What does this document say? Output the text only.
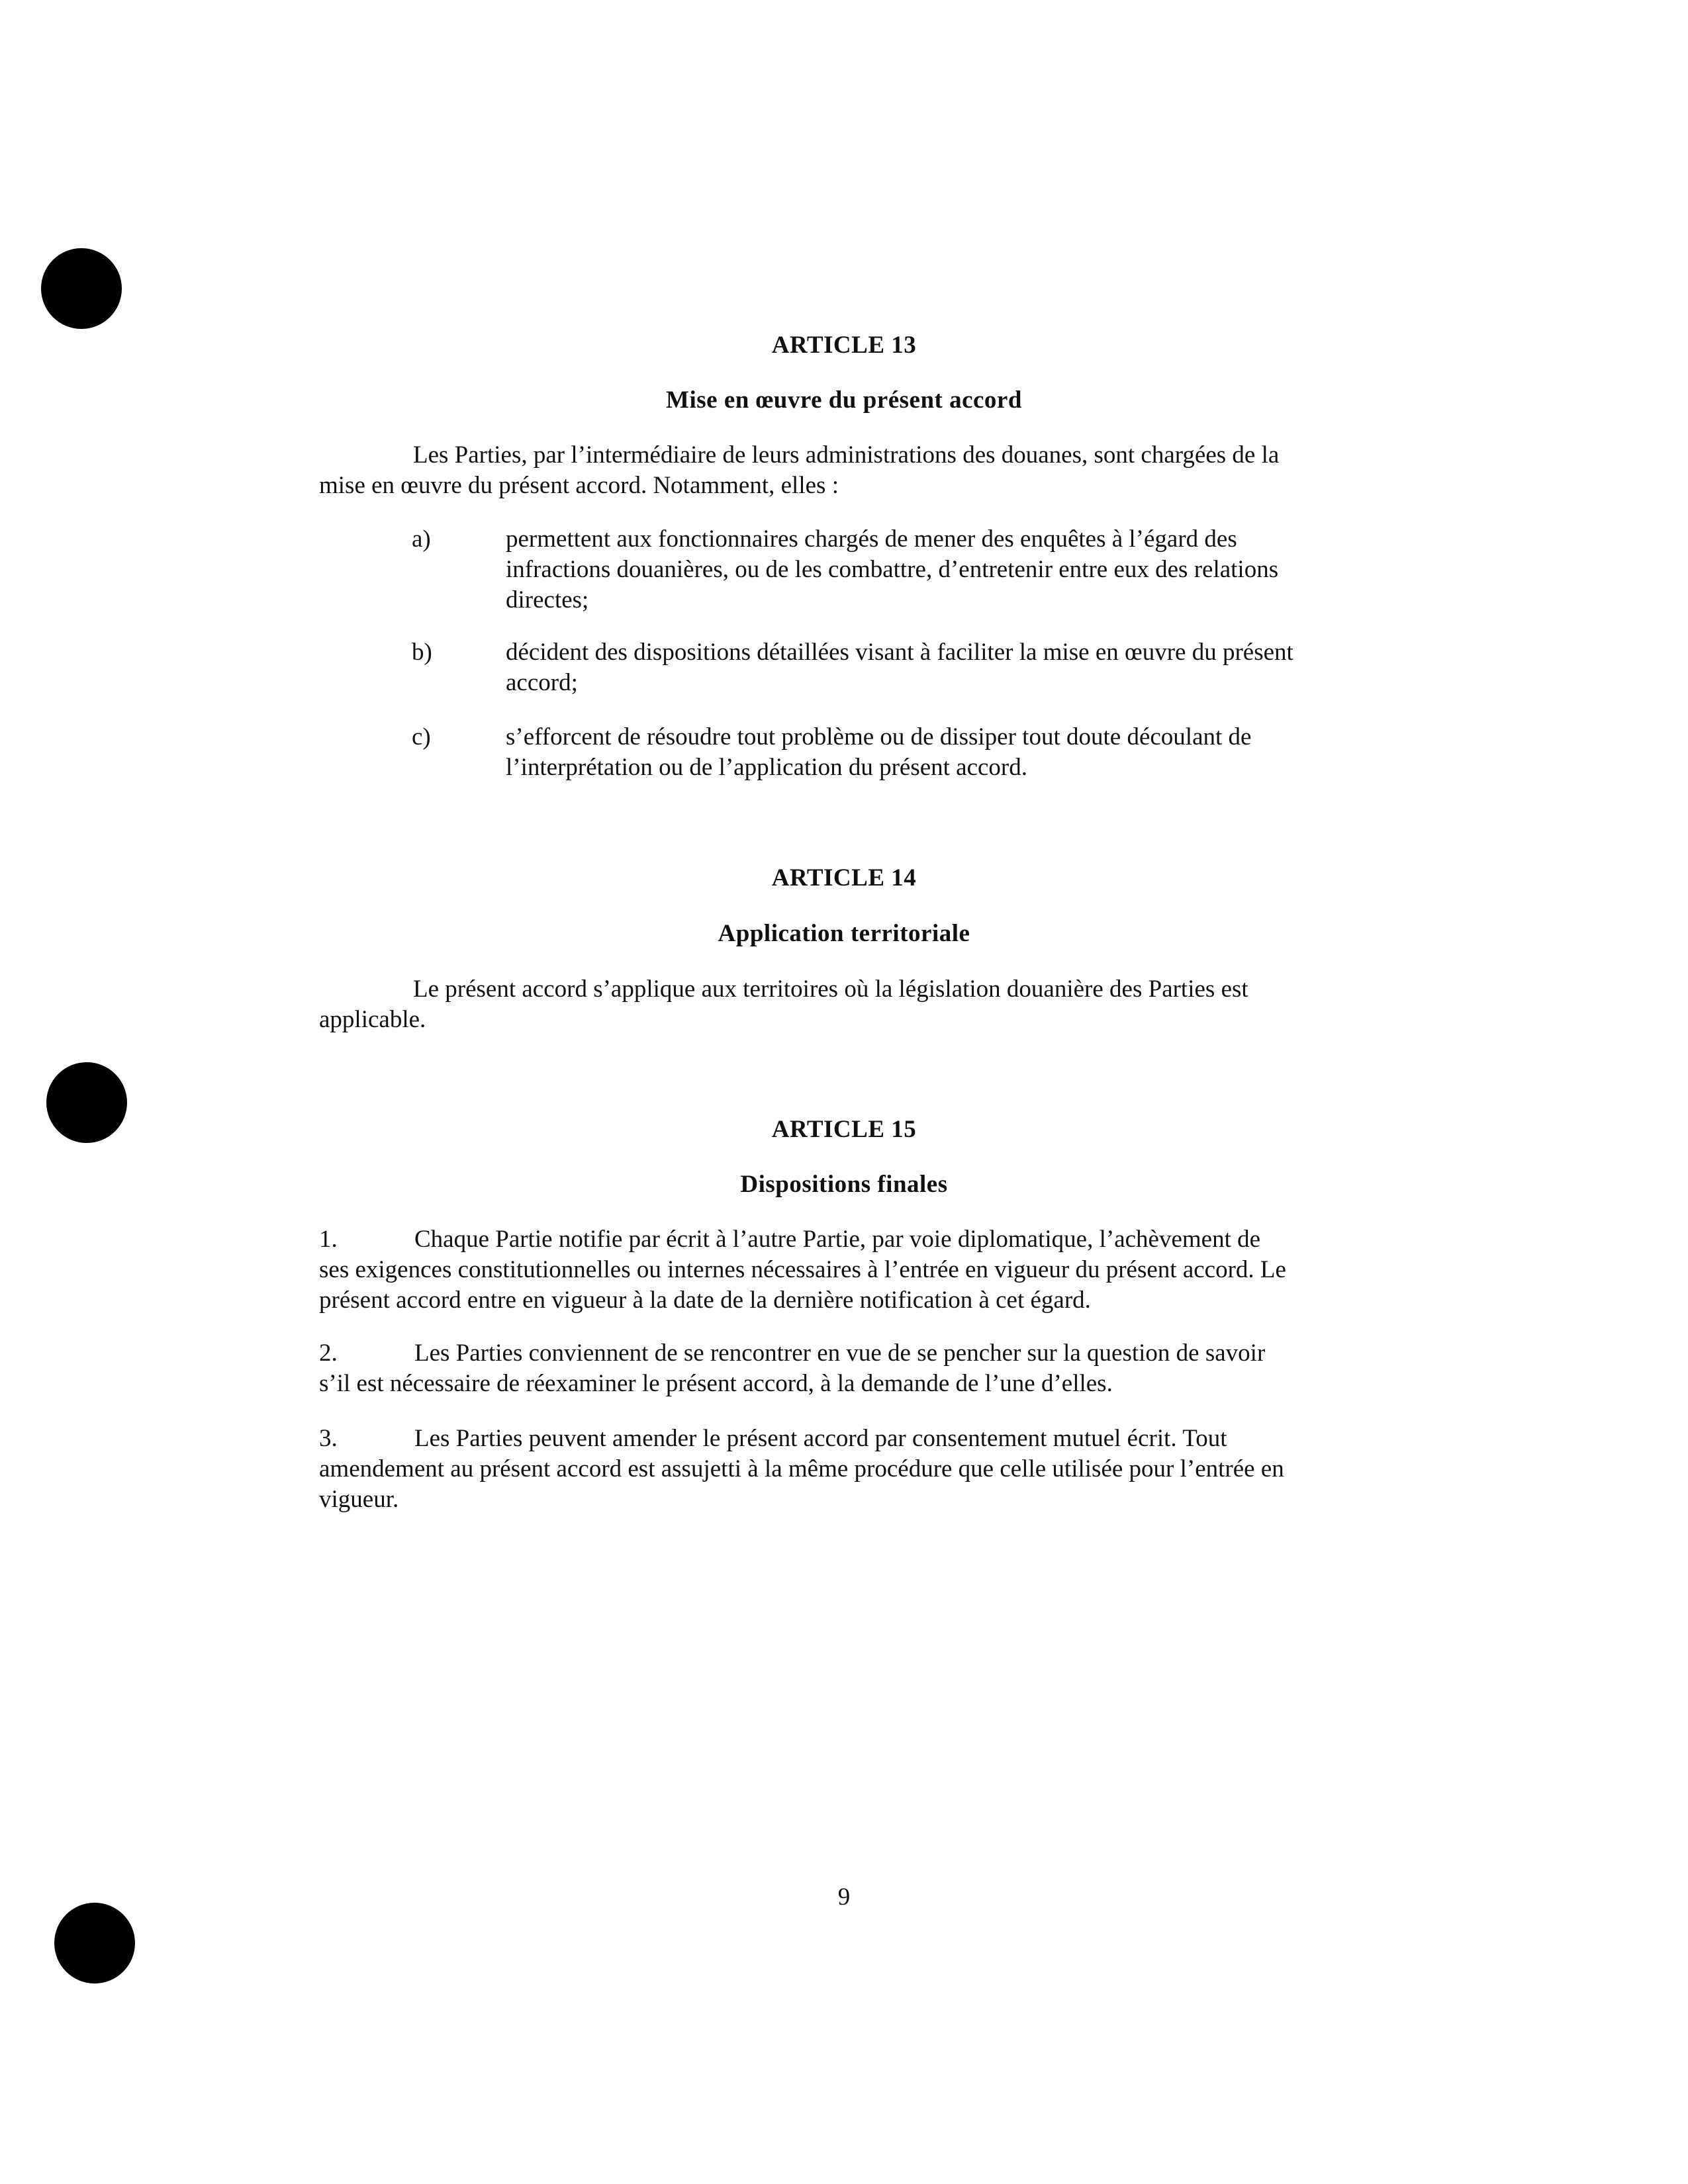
ARTICLE 13
Mise en œuvre du présent accord
Les Parties, par l’intermédiaire de leurs administrations des douanes, sont chargées de la
mise en œuvre du présent accord. Notamment, elles :
a)	permettent aux fonctionnaires chargés de mener des enquêtes à l’égard des
infractions douanières, ou de les combattre, d’entretenir entre eux des relations
directes;
b)	décident des dispositions détaillées visant à faciliter la mise en œuvre du présent
accord;
c)	s’efforcent de résoudre tout problème ou de dissiper tout doute découlant de
l’interprétation ou de l’application du présent accord.
ARTICLE 14
Application territoriale
Le présent accord s’applique aux territoires où la législation douanière des Parties est
applicable.
ARTICLE 15
Dispositions finales
1.	Chaque Partie notifie par écrit à l’autre Partie, par voie diplomatique, l’achèvement de
ses exigences constitutionnelles ou internes nécessaires à l’entrée en vigueur du présent accord. Le
présent accord entre en vigueur à la date de la dernière notification à cet égard.
2.	Les Parties conviennent de se rencontrer en vue de se pencher sur la question de savoir
s’il est nécessaire de réexaminer le présent accord, à la demande de l’une d’elles.
3.	Les Parties peuvent amender le présent accord par consentement mutuel écrit. Tout
amendement au présent accord est assujetti à la même procédure que celle utilisée pour l’entrée en
vigueur.
9
